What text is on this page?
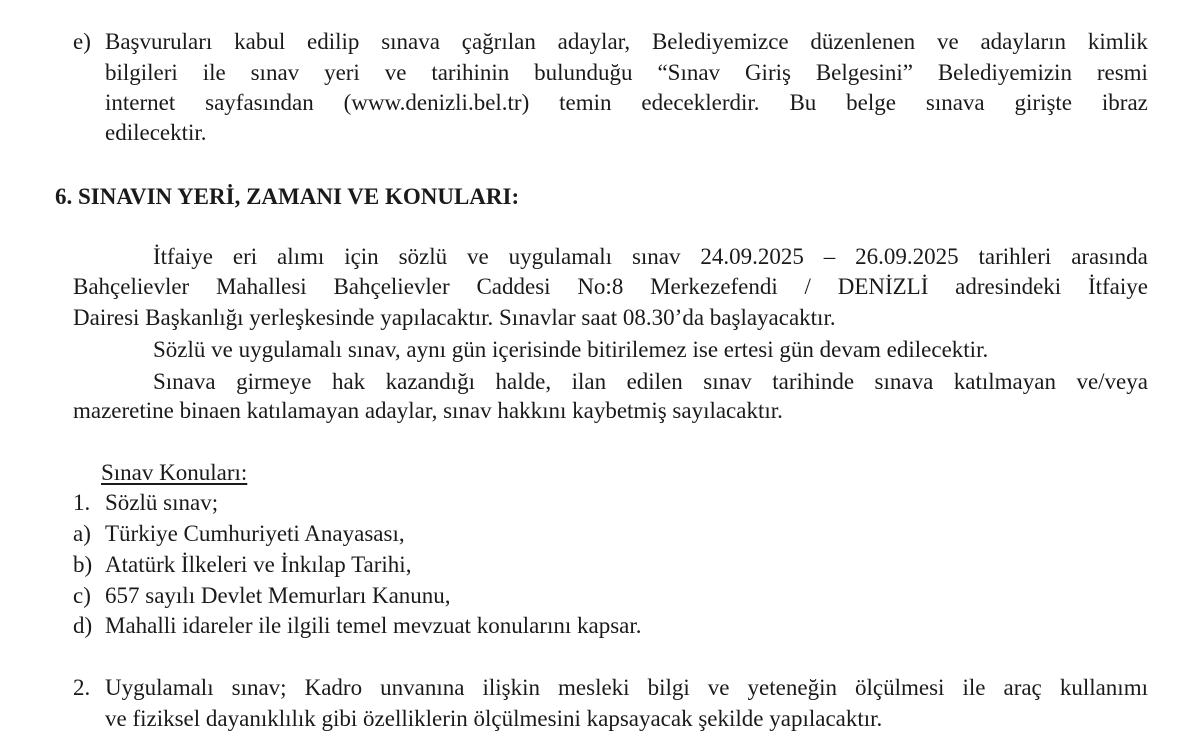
e) Başvuruları kabul edilip sınava çağrılan adaylar, Belediyemizce düzenlenen ve adayların kimlik
bilgileri ile sınav yeri ve tarihinin bulunduğu “Sınav Giriş Belgesini” Belediyemizin resmi
internet sayfasından (www.denizli.bel.tr) temin edeceklerdir. Bu belge sınava girişte ibraz
edilecektir.
6. SINAVIN YERİ, ZAMANI VE KONULARI:
İtfaiye eri alımı için sözlü ve uygulamalı sınav 24.09.2025 – 26.09.2025 tarihleri arasında
Bahçelievler Mahallesi Bahçelievler Caddesi No:8 Merkezefendi / DENİZLİ adresindeki İtfaiye
Dairesi Başkanlığı yerleşkesinde yapılacaktır. Sınavlar saat 08.30’da başlayacaktır.
Sözlü ve uygulamalı sınav, aynı gün içerisinde bitirilemez ise ertesi gün devam edilecektir.
Sınava girmeye hak kazandığı halde, ilan edilen sınav tarihinde sınava katılmayan ve/veya
mazeretine binaen katılamayan adaylar, sınav hakkını kaybetmiş sayılacaktır.
Sınav Konuları:
1. Sözlü sınav;
a) Türkiye Cumhuriyeti Anayasası,
b) Atatürk İlkeleri ve İnkılap Tarihi,
c) 657 sayılı Devlet Memurları Kanunu,
d) Mahalli idareler ile ilgili temel mevzuat konularını kapsar.
2. Uygulamalı sınav; Kadro unvanına ilişkin mesleki bilgi ve yeteneğin ölçülmesi ile araç kullanımı
ve fiziksel dayanıklılık gibi özelliklerin ölçülmesini kapsayacak şekilde yapılacaktır.
